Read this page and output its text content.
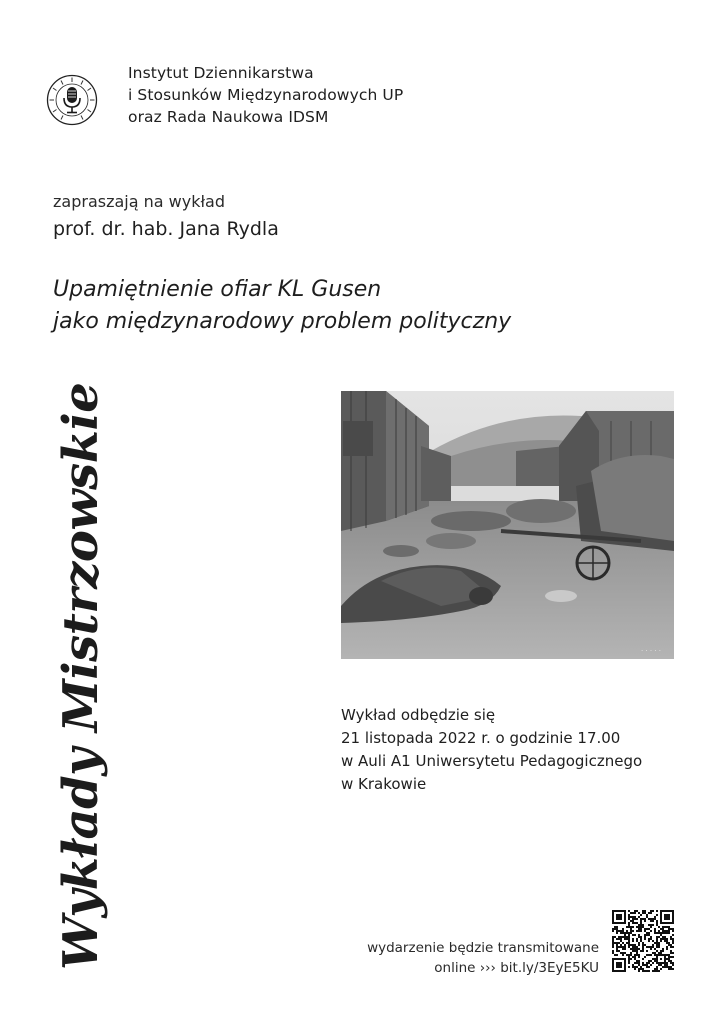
Instytut Dziennikarstwa
i Stosunków Międzynarodowych UP
oraz Rada Naukowa IDSM
zapraszają na wykład
prof. dr. hab. Jana Rydla
Upamiętnienie ofiar KL Gusen
jako międzynarodowy problem polityczny
Wykłady Mistrzowskie	· · · · ·
Wykład odbędzie się
21 listopada 2022 r. o godzinie 17.00
w Auli A1 Uniwersytetu Pedagogicznego
w Krakowie
wydarzenie będzie transmitowane
online ››› bit.ly/3EyE5KU
